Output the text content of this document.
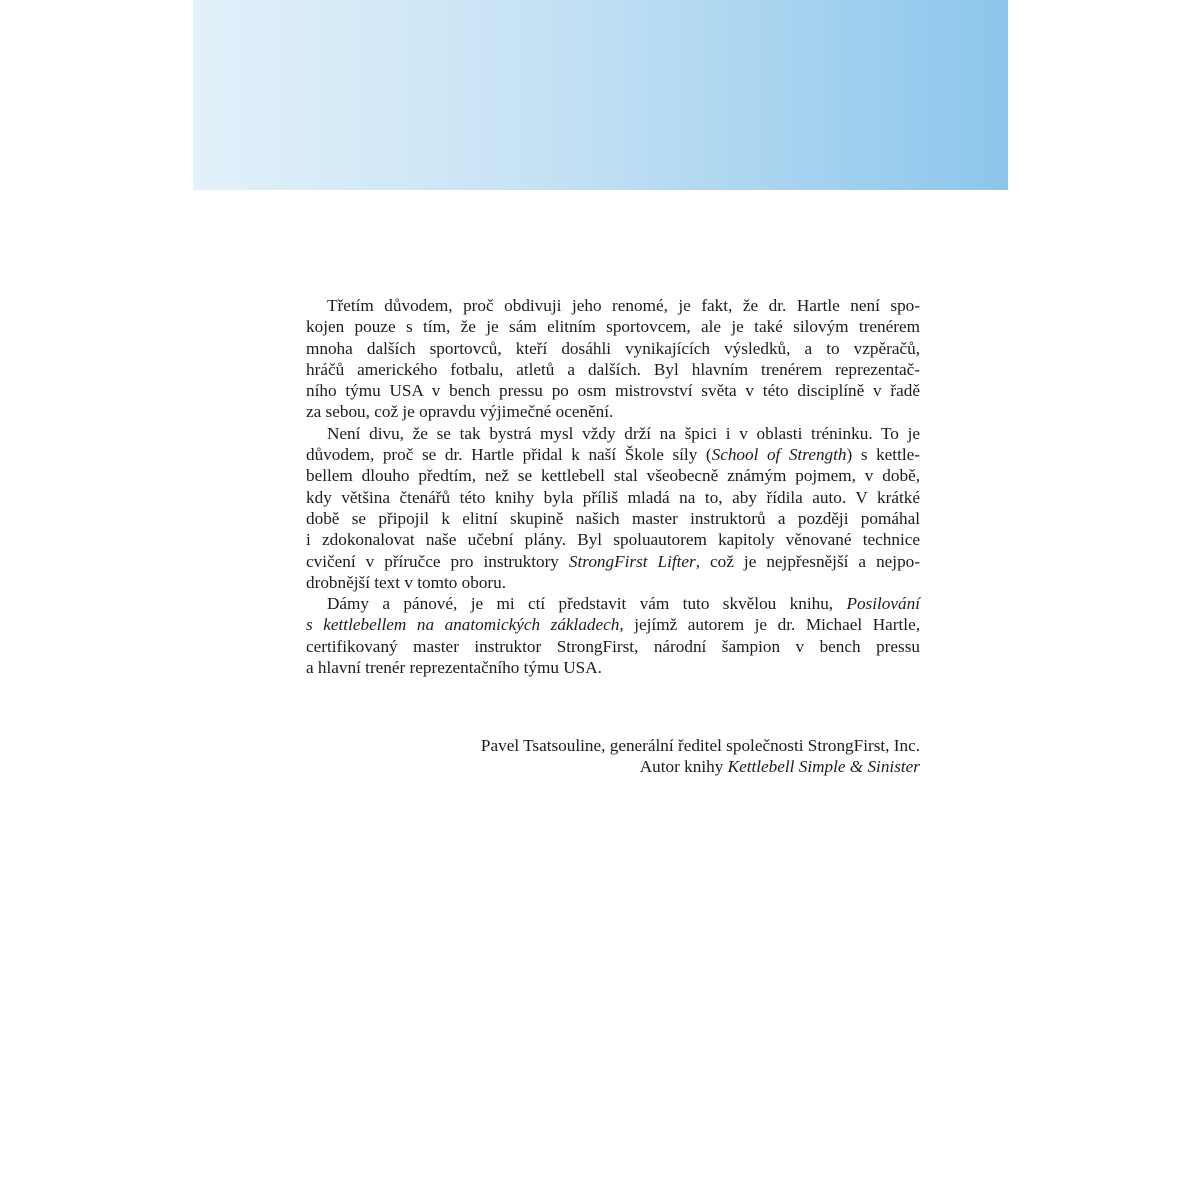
Třetím důvodem, proč obdivuji jeho renomé, je fakt, že dr. Hartle není spo-
kojen pouze s tím, že je sám elitním sportovcem, ale je také silovým trenérem
mnoha dalších sportovců, kteří dosáhli vynikajících výsledků, a to vzpěračů,
hráčů amerického fotbalu, atletů a dalších. Byl hlavním trenérem reprezentač-
ního týmu USA v bench pressu po osm mistrovství světa v této disciplíně v řadě
za sebou, což je opravdu výjimečné ocenění.
Není divu, že se tak bystrá mysl vždy drží na špici i v oblasti tréninku. To je
důvodem, proč se dr. Hartle přidal k naší Škole síly (School of Strength) s kettle-
bellem dlouho předtím, než se kettlebell stal všeobecně známým pojmem, v době,
kdy většina čtenářů této knihy byla příliš mladá na to, aby řídila auto. V krátké
době se připojil k elitní skupině našich master instruktorů a později pomáhal
i zdokonalovat naše učební plány. Byl spoluautorem kapitoly věnované technice
cvičení v příručce pro instruktory StrongFirst Lifter, což je nejpřesnější a nejpo-
drobnější text v tomto oboru.
Dámy a pánové, je mi ctí představit vám tuto skvělou knihu, Posilování
s kettlebellem na anatomických základech, jejímž autorem je dr. Michael Hartle,
certifikovaný master instruktor StrongFirst, národní šampion v bench pressu
a hlavní trenér reprezentačního týmu USA.
Pavel Tsatsouline, generální ředitel společnosti StrongFirst, Inc.
Autor knihy Kettlebell Simple & Sinister
